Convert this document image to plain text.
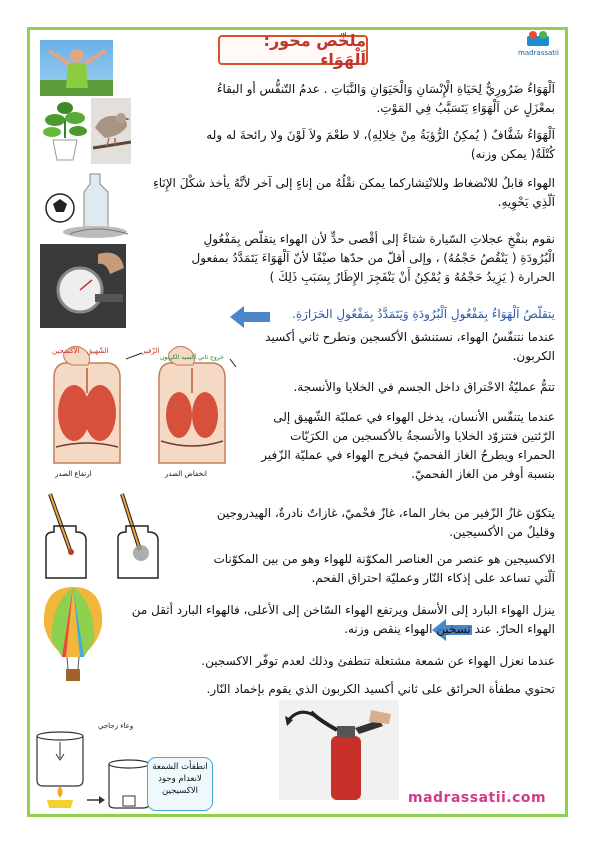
ملخّص محور: اَلْهَوَاء	madrassatii
الزّفير
خروج ثاني أكسيد الكربون
الشّهيق
الأكسجين
انخفاض الصدر
ارتفاع الصدر
وعاء زجاجي
انطفأت الشمعة
لانعدام وجود
الاكسيجين
اَلْهَوَاءُ ضَرُورِيٌّ لِحَيَاةِ الْإِنْسَانِ وَالْحَيَوَانِ وَالنَّبَاتِ . عدمُ التّنفُّس أو البقاءُ
بمعْزَلٍ عن اَلْهَوَاءِ يَتَسَبَّبُ فِي المَوْتِ.
اَلْهَوَاءُ شَفَّافٌ ( يُمكِنُ الرُّؤيَةُ مِنْ خِلالِهِ)، لا طعْمَ ولاَ لَوْنَ ولا رائحةَ له وله
كُتْلَةٌ( يمكن وزنه)
الهواء قابلٌ للانْضغاط وللانْتِشاركما يمكن نقْلُهُ من إناءٍ إلى آخر لأنَّهُ يأخذ شكْلَ الإِنَاءِ
اَلّذِي يَحْوِيهِ.
نقوم بنفْخِ عجلاتِ السّيارة شتاءً إلى أقْصى حدٍّ لأن الهواء يتقلّص بِمَفْعُولِ
الْبُرُودَةِ ( يَنْقُصُ حَجْمُهُ) ، وإلى أقلّ من حدّها صيْفًا لأنّ اَلْهَوَاءَ يَتَمَدَّدُ بمفعول
الحرارة ( يَزِيدُ حَجْمُهُ وَ يُمْكِنُ أَنْ يَنْفَجِرَ الإِطَارُ بِسَبَبِ ذَلِكَ )
يتقلّصُ اَلْهَوَاءُ بِمَفْعُولِ اَلْبُرُودَةِ وَيَتَمَدَّدُ بِمَفْعُولِ الحَرَارَةِ.
عندما نتنفّسُ الهواء، نستنشق الأكسجين ونطرح ثاني أكسيد
الكربون.
تتمُّ عمليّةُ الاحْتراق داخل الجسم في الخلايا والأنسجة.
عندما يتنفّس الأنسان، يدخل الهواء في عمليّة الشّهيق إلى
الرّئتين فتتزوّد الخلايا والأنسجةُ بالأكسجين من الكرَيّات
الحمراء ويطرحُ الغاز الفحميّ فيخرج الهواء في عمليّة الزّفير
بنسبة أوفر من الغاز الفحميّ.
يتكوّن غازُ الزّفير من بخار الماء، غازٌ فحْميّ، غازاتٌ نادرةٌ، الهيدروجين
وقليلٌ من الأكسيجين.
الاكسيجين هو عنصر من العناصر المكوّنة للهواء وهو من بين المكوّنات
اَلّتي تساعد على إذكاء النّار وعمليّة احتراق الفحم.
ينزل الهواء البارد إلى الأسفل ويرتفع الهواء السّاخن إلى الأعلى، فالهواء البارد أثقل من
الهواء الحارّ. عند تسخين الهواء ينقص وزنه.
عندما نعزل الهواء عن شمعة مشتعلة تنطفئ وذلك لعدم توفّر الاكسجين.
تحتوي مطفأة الحرائق على ثاني أكسيد الكربون الذي يقوم بإخماد النّار.
madrassatii.com
